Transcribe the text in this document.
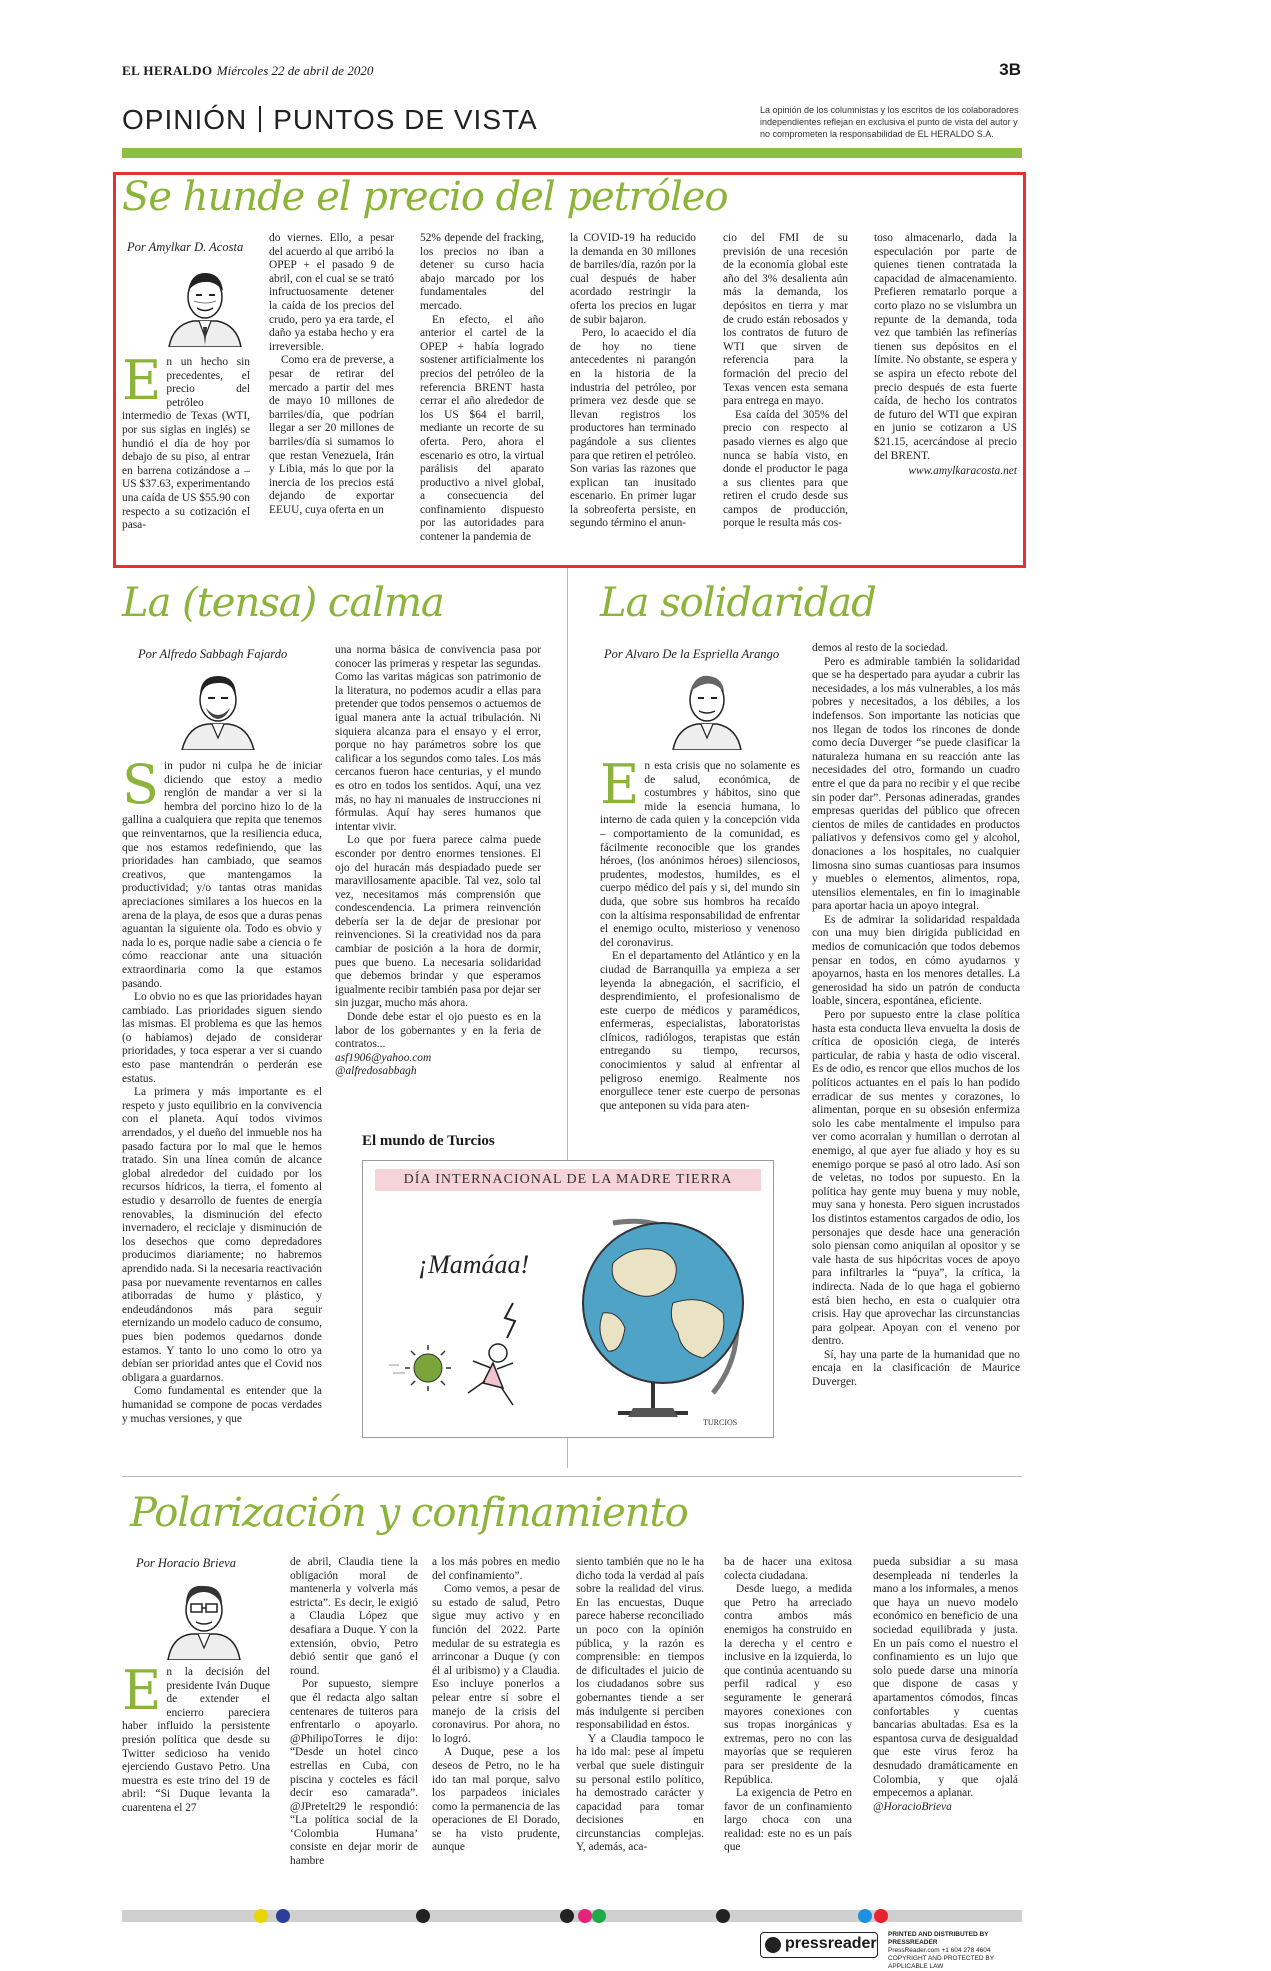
EL HERALDO Miércoles 22 de abril de 2020	3B
OPINIÓN PUNTOS DE VISTA	La opinión de los columnistas y los escritos de los colaboradores independientes reflejan en exclusiva el punto de vista del autor y no comprometen la responsabilidad de EL HERALDO S.A.
Se hunde el precio del petróleo
Por Amylkar D. Acosta
E n un hecho sin precedentes, el precio del petróleo intermedio de Texas (WTI, por sus siglas en inglés) se hundió el día de hoy por debajo de su piso, al entrar en barrena cotizándose a – US $37.63, experimentando una caída de US $55.90 con respecto a su cotización el pasa-

do viernes. Ello, a pesar del acuerdo al que arribó la OPEP + el pasado 9 de abril, con el cual se se trató infructuosamente detener la caída de los precios del crudo, pero ya era tarde, el daño ya estaba hecho y era irreversible.

Como era de preverse, a pesar de retirar del mercado a partir del mes de mayo 10 millones de barriles/día, que podrían llegar a ser 20 millones de barriles/día si sumamos lo que restan Venezuela, Irán y Libia, más lo que por la inercia de los precios está dejando de exportar EEUU, cuya oferta en un

52% depende del fracking, los precios no iban a detener su curso hacia abajo marcado por los fundamentales del mercado.

En efecto, el año anterior el cartel de la OPEP + había logrado sostener artificialmente los precios del petróleo de la referencia BRENT hasta cerrar el año alrededor de los US $64 el barril, mediante un recorte de su oferta. Pero, ahora el escenario es otro, la virtual parálisis del aparato productivo a nivel global, a consecuencia del confinamiento dispuesto por las autoridades para contener la pandemia de

la COVID-19 ha reducido la demanda en 30 millones de barriles/día, razón por la cual después de haber acordado restringir la oferta los precios en lugar de subir bajaron.

Pero, lo acaecido el día de hoy no tiene antecedentes ni parangón en la historia de la industria del petróleo, por primera vez desde que se llevan registros los productores han terminado pagándole a sus clientes para que retiren el petróleo. Son varias las razones que explican tan inusitado escenario. En primer lugar la sobreoferta persiste, en segundo término el anun-

cio del FMI de su previsión de una recesión de la economía global este año del 3% desalienta aún más la demanda, los depósitos en tierra y mar de crudo están rebosados y los contratos de futuro de WTI que sirven de referencia para la formación del precio del Texas vencen esta semana para entrega en mayo.

Esa caída del 305% del precio con respecto al pasado viernes es algo que nunca se había visto, en donde el productor le paga a sus clientes para que retiren el crudo desde sus campos de producción, porque le resulta más cos-

toso almacenarlo, dada la especulación por parte de quienes tienen contratada la capacidad de almacenamiento. Prefieren rematarlo porque a corto plazo no se vislumbra un repunte de la demanda, toda vez que también las refinerías tienen sus depósitos en el límite. No obstante, se espera y se aspira un efecto rebote del precio después de esta fuerte caída, de hecho los contratos de futuro del WTI que expiran en junio se cotizaron a US $21.15, acercándose al precio del BRENT.

www.amylkaracosta.net

La (tensa) calma
Por Alfredo Sabbagh Fajardo
S in pudor ni culpa he de iniciar diciendo que estoy a medio renglón de mandar a ver si la hembra del porcino hizo lo de la gallina a cualquiera que repita que tenemos que reinventarnos, que la resiliencia educa, que nos estamos redefiniendo, que las prioridades han cambiado, que seamos creativos, que mantengamos la productividad; y/o tantas otras manidas apreciaciones similares a los huecos en la arena de la playa, de esos que a duras penas aguantan la siguiente ola. Todo es obvio y nada lo es, porque nadie sabe a ciencia o fe cómo reaccionar ante una situación extraordinaria como la que estamos pasando.

Lo obvio no es que las prioridades hayan cambiado. Las prioridades siguen siendo las mismas. El problema es que las hemos (o habíamos) dejado de considerar prioridades, y toca esperar a ver si cuando esto pase mantendrán o perderán ese estatus.

La primera y más importante es el respeto y justo equilibrio en la convivencia con el planeta. Aquí todos vivimos arrendados, y el dueño del inmueble nos ha pasado factura por lo mal que le hemos tratado. Sin una línea común de alcance global alrededor del cuidado por los recursos hídricos, la tierra, el fomento al estudio y desarrollo de fuentes de energía renovables, la disminución del efecto invernadero, el reciclaje y disminución de los desechos que como depredadores producimos diariamente; no habremos aprendido nada. Si la necesaria reactivación pasa por nuevamente reventarnos en calles atiborradas de humo y plástico, y endeudándonos más para seguir eternizando un modelo caduco de consumo, pues bien podemos quedarnos donde estamos. Y tanto lo uno como lo otro ya debían ser prioridad antes que el Covid nos obligara a guardarnos.

Como fundamental es entender que la humanidad se compone de pocas verdades y muchas versiones, y que

una norma básica de convivencia pasa por conocer las primeras y respetar las segundas. Como las varitas mágicas son patrimonio de la literatura, no podemos acudir a ellas para pretender que todos pensemos o actuemos de igual manera ante la actual tribulación. Ni siquiera alcanza para el ensayo y el error, porque no hay parámetros sobre los que calificar a los segundos como tales. Los más cercanos fueron hace centurias, y el mundo es otro en todos los sentidos. Aquí, una vez más, no hay ni manuales de instrucciones ni fórmulas. Aquí hay seres humanos que intentar vivir.

Lo que por fuera parece calma puede esconder por dentro enormes tensiones. El ojo del huracán más despiadado puede ser maravillosamente apacible. Tal vez, solo tal vez, necesitamos más comprensión que condescendencia. La primera reinvención debería ser la de dejar de presionar por reinvenciones. Si la creatividad nos da para cambiar de posición a la hora de dormir, pues que bueno. La necesaria solidaridad que debemos brindar y que esperamos igualmente recibir también pasa por dejar ser sin juzgar, mucho más ahora.

Donde debe estar el ojo puesto es en la labor de los gobernantes y en la feria de contratos...

asf1906@yahoo.com

@alfredosabbagh

El mundo de Turcios
DÍA INTERNACIONAL DE LA MADRE TIERRA
¡Mamáaa!
TURCIOS
La solidaridad
Por Alvaro De la Espriella Arango
E n esta crisis que no solamente es de salud, económica, de costumbres y hábitos, sino que mide la esencia humana, lo interno de cada quien y la concepción vida – comportamiento de la comunidad, es fácilmente reconocible que los grandes héroes, (los anónimos héroes) silenciosos, prudentes, modestos, humildes, es el cuerpo médico del país y si, del mundo sin duda, que sobre sus hombros ha recaído con la altísima responsabilidad de enfrentar el enemigo oculto, misterioso y venenoso del coronavirus.

En el departamento del Atlántico y en la ciudad de Barranquilla ya empieza a ser leyenda la abnegación, el sacrificio, el desprendimiento, el profesionalismo de este cuerpo de médicos y paramédicos, enfermeras, especialistas, laboratoristas clínicos, radiólogos, terapistas que están entregando su tiempo, recursos, conocimientos y salud al enfrentar al peligroso enemigo. Realmente nos enorgullece tener este cuerpo de personas que anteponen su vida para aten-

demos al resto de la sociedad.

Pero es admirable también la solidaridad que se ha despertado para ayudar a cubrir las necesidades, a los más vulnerables, a los más pobres y necesitados, a los débiles, a los indefensos. Son importante las noticias que nos llegan de todos los rincones de donde como decía Duverger “se puede clasificar la naturaleza humana en su reacción ante las necesidades del otro, formando un cuadro entre el que da para no recibir y el que recibe sin poder dar”. Personas adineradas, grandes empresas queridas del público que ofrecen cientos de miles de cantidades en productos paliativos y defensivos como gel y alcohol, donaciones a los hospitales, no cualquier limosna sino sumas cuantiosas para insumos y muebles o elementos, alimentos, ropa, utensilios elementales, en fin lo imaginable para aportar hacia un apoyo integral.

Es de admirar la solidaridad respaldada con una muy bien dirigida publicidad en medios de comunicación que todos debemos pensar en todos, en cómo ayudarnos y apoyarnos, hasta en los menores detalles. La generosidad ha sido un patrón de conducta loable, sincera, espontánea, eficiente.

Pero por supuesto entre la clase política hasta esta conducta lleva envuelta la dosis de crítica de oposición ciega, de interés particular, de rabia y hasta de odio visceral. Es de odio, es rencor que ellos muchos de los políticos actuantes en el país lo han podido erradicar de sus mentes y corazones, lo alimentan, porque en su obsesión enfermiza solo les cabe mentalmente el impulso para ver como acorralan y humillan o derrotan al enemigo, al que ayer fue aliado y hoy es su enemigo porque se pasó al otro lado. Así son de veletas, no todos por supuesto. En la política hay gente muy buena y muy noble, muy sana y honesta. Pero siguen incrustados los distintos estamentos cargados de odio, los personajes que desde hace una generación solo piensan como aniquilan al opositor y se vale hasta de sus hipócritas voces de apoyo para infiltrarles la “puya”, la crítica, la indirecta. Nada de lo que haga el gobierno está bien hecho, en esta o cualquier otra crisis. Hay que aprovechar las circunstancias para golpear. Apoyan con el veneno por dentro.

Sí, hay una parte de la humanidad que no encaja en la clasificación de Maurice Duverger.

Polarización y confinamiento
Por Horacio Brieva
E n la decisión del presidente Iván Duque de extender el encierro pareciera haber influido la persistente presión política que desde su Twitter sedicioso ha venido ejerciendo Gustavo Petro. Una muestra es este trino del 19 de abril: “Si Duque levanta la cuarentena el 27

de abril, Claudia tiene la obligación moral de mantenerla y volverla más estricta”. Es decir, le exigió a Claudia López que desafiara a Duque. Y con la extensión, obvio, Petro debió sentir que ganó el round.

Por supuesto, siempre que él redacta algo saltan centenares de tuiteros para enfrentarlo o apoyarlo. @PhilipoTorres le dijo: “Desde un hotel cinco estrellas en Cuba, con piscina y cocteles es fácil decir eso camarada”. @JPretelt29 le respondió: “La política social de la ‘Colombia Humana’ consiste en dejar morir de hambre

a los más pobres en medio del confinamiento”.

Como vemos, a pesar de su estado de salud, Petro sigue muy activo y en función del 2022. Parte medular de su estrategia es arrinconar a Duque (y con él al uribismo) y a Claudia. Eso incluye ponerlos a pelear entre sí sobre el manejo de la crisis del coronavirus. Por ahora, no lo logró.

A Duque, pese a los deseos de Petro, no le ha ido tan mal porque, salvo los parpadeos iniciales como la permanencia de las operaciones de El Dorado, se ha visto prudente, aunque

siento también que no le ha dicho toda la verdad al país sobre la realidad del virus. En las encuestas, Duque parece haberse reconciliado un poco con la opinión pública, y la razón es comprensible: en tiempos de dificultades el juicio de los ciudadanos sobre sus gobernantes tiende a ser más indulgente si perciben responsabilidad en éstos.

Y a Claudia tampoco le ha ido mal: pese al ímpetu verbal que suele distinguir su personal estilo político, ha demostrado carácter y capacidad para tomar decisiones en circunstancias complejas. Y, además, aca-

ba de hacer una exitosa colecta ciudadana.

Desde luego, a medida que Petro ha arreciado contra ambos más enemigos ha construido en la derecha y el centro e inclusive en la izquierda, lo que continúa acentuando su perfil radical y eso seguramente le generará mayores conexiones con sus tropas inorgánicas y extremas, pero no con las mayorías que se requieren para ser presidente de la República.

La exigencia de Petro en favor de un confinamiento largo choca con una realidad: este no es un país que

pueda subsidiar a su masa desempleada ni tenderles la mano a los informales, a menos que haya un nuevo modelo económico en beneficio de una sociedad equilibrada y justa. En un país como el nuestro el confinamiento es un lujo que solo puede darse una minoría que dispone de casas y apartamentos cómodos, fincas confortables y cuentas bancarias abultadas. Esa es la espantosa curva de desigualdad que este virus feroz ha desnudado dramáticamente en Colombia, y que ojalá empecemos a aplanar.

@HoracioBrieva

pressreader
PRINTED AND DISTRIBUTED BY PRESSREADER
PressReader.com +1 604 278 4604
COPYRIGHT AND PROTECTED BY APPLICABLE LAW
